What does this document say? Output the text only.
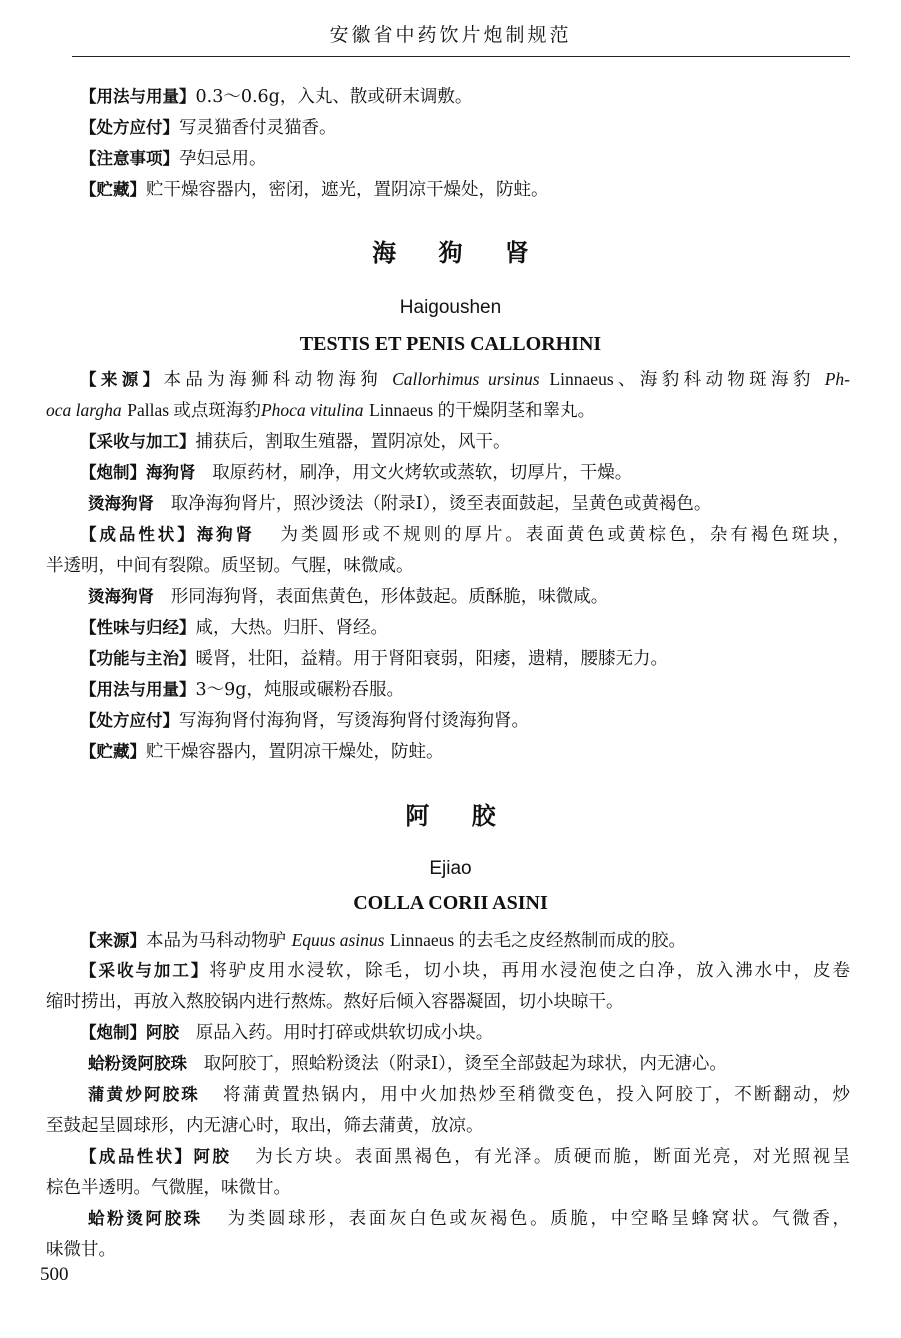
安徽省中药饮片炮制规范
【用法与用量】0.3～0.6g，入丸、散或研末调敷。
【处方应付】写灵猫香付灵猫香。
【注意事项】孕妇忌用。
【贮藏】贮干燥容器内，密闭，遮光，置阴凉干燥处，防蛀。
海 狗 肾
Haigoushen
TESTIS ET PENIS CALLORHINI
【来源】本品为海狮科动物海狗 Callorhimus ursinus Linnaeus、海豹科动物斑海豹 Ph-
oca largha Pallas 或点斑海豹Phoca vitulina Linnaeus 的干燥阴茎和睾丸。
【采收与加工】捕获后，割取生殖器，置阴凉处，风干。
【炮制】海狗肾 取原药材，刷净，用文火烤软或蒸软，切厚片，干燥。
烫海狗肾 取净海狗肾片，照沙烫法（附录Ⅰ），烫至表面鼓起，呈黄色或黄褐色。
【成品性状】海狗肾 为类圆形或不规则的厚片。表面黄色或黄棕色，杂有褐色斑块，
半透明，中间有裂隙。质坚韧。气腥，味微咸。
烫海狗肾 形同海狗肾，表面焦黄色，形体鼓起。质酥脆，味微咸。
【性味与归经】咸，大热。归肝、肾经。
【功能与主治】暖肾，壮阳，益精。用于肾阳衰弱，阳痿，遗精，腰膝无力。
【用法与用量】3～9g，炖服或碾粉吞服。
【处方应付】写海狗肾付海狗肾，写烫海狗肾付烫海狗肾。
【贮藏】贮干燥容器内，置阴凉干燥处，防蛀。
阿 胶
Ejiao
COLLA CORII ASINI
【来源】本品为马科动物驴 Equus asinus Linnaeus 的去毛之皮经熬制而成的胶。
【采收与加工】将驴皮用水浸软，除毛，切小块，再用水浸泡使之白净，放入沸水中，皮卷
缩时捞出，再放入熬胶锅内进行熬炼。熬好后倾入容器凝固，切小块晾干。
【炮制】阿胶 原品入药。用时打碎或烘软切成小块。
蛤粉烫阿胶珠 取阿胶丁，照蛤粉烫法（附录Ⅰ），烫至全部鼓起为球状，内无溏心。
蒲黄炒阿胶珠 将蒲黄置热锅内，用中火加热炒至稍微变色，投入阿胶丁，不断翻动，炒
至鼓起呈圆球形，内无溏心时，取出，筛去蒲黄，放凉。
【成品性状】阿胶 为长方块。表面黑褐色，有光泽。质硬而脆，断面光亮，对光照视呈
棕色半透明。气微腥，味微甘。
蛤粉烫阿胶珠 为类圆球形，表面灰白色或灰褐色。质脆，中空略呈蜂窝状。气微香，
味微甘。
500
